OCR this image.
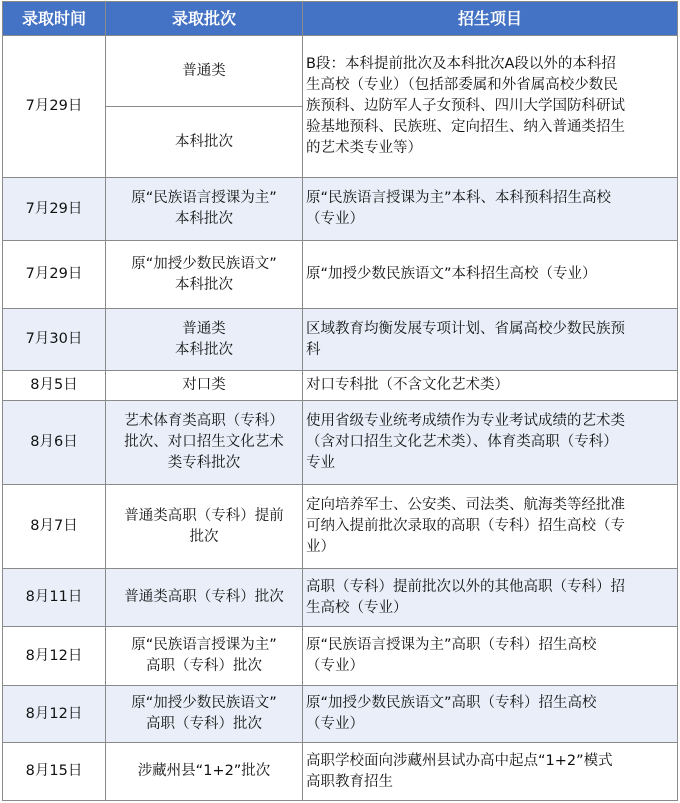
录取时间	录取批次	招生项目
7月29日	普通类	B段：本科提前批次及本科批次A段以外的本科招
生高校（专业）（包括部委属和外省属高校少数民
族预科、边防军人子女预科、四川大学国防科研试
验基地预科、民族班、定向招生、纳入普通类招生
的艺术类专业等）
	本科批次	
7月29日	原“民族语言授课为主”
本科批次	原“民族语言授课为主”本科、本科预科招生高校
（专业）
7月29日	原“加授少数民族语文”
本科批次	原“加授少数民族语文”本科招生高校（专业）
7月30日	普通类
本科批次	区域教育均衡发展专项计划、省属高校少数民族预
科
8月5日	对口类	对口专科批（不含文化艺术类）
8月6日	艺术体育类高职（专科）
批次、对口招生文化艺术
类专科批次	使用省级专业统考成绩作为专业考试成绩的艺术类
（含对口招生文化艺术类）、体育类高职（专科）
专业
8月7日	普通类高职（专科）提前
批次	定向培养军士、公安类、司法类、航海类等经批准
可纳入提前批次录取的高职（专科）招生高校（专
业）
8月11日	普通类高职（专科）批次	高职（专科）提前批次以外的其他高职（专科）招
生高校（专业）
8月12日	原“民族语言授课为主”
高职（专科）批次	原“民族语言授课为主”高职（专科）招生高校
（专业）
8月12日	原“加授少数民族语文”
高职（专科）批次	原“加授少数民族语文”高职（专科）招生高校
（专业）
8月15日	涉藏州县“1+2”批次	高职学校面向涉藏州县试办高中起点“1+2”模式
高职教育招生
